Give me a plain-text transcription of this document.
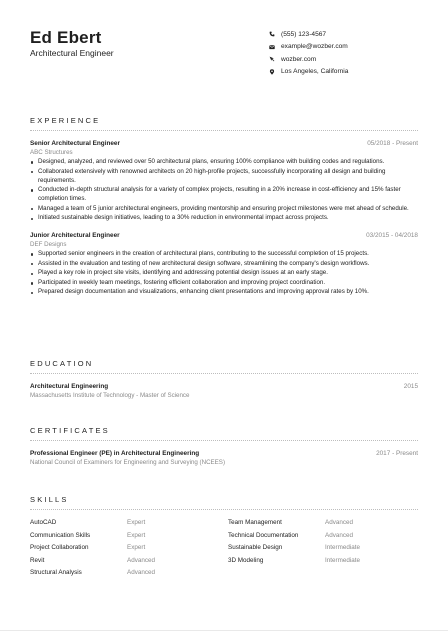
Ed Ebert
Architectural Engineer
(555) 123-4567
example@wozber.com
wozber.com
Los Angeles, California
EXPERIENCE
Senior Architectural Engineer	05/2018 - Present
ABC Structures
Designed, analyzed, and reviewed over 50 architectural plans, ensuring 100% compliance with building codes and regulations.
Collaborated extensively with renowned architects on 20 high-profile projects, successfully incorporating all design and building requirements.
Conducted in-depth structural analysis for a variety of complex projects, resulting in a 20% increase in cost-efficiency and 15% faster completion times.
Managed a team of 5 junior architectural engineers, providing mentorship and ensuring project milestones were met ahead of schedule.
Initiated sustainable design initiatives, leading to a 30% reduction in environmental impact across projects.
Junior Architectural Engineer	03/2015 - 04/2018
DEF Designs
Supported senior engineers in the creation of architectural plans, contributing to the successful completion of 15 projects.
Assisted in the evaluation and testing of new architectural design software, streamlining the company's design workflows.
Played a key role in project site visits, identifying and addressing potential design issues at an early stage.
Participated in weekly team meetings, fostering efficient collaboration and improving project coordination.
Prepared design documentation and visualizations, enhancing client presentations and improving approval rates by 10%.
EDUCATION
Architectural Engineering	2015
Massachusetts Institute of Technology - Master of Science
CERTIFICATES
Professional Engineer (PE) in Architectural Engineering	2017 - Present
National Council of Examiners for Engineering and Surveying (NCEES)
SKILLS
AutoCAD	Expert	Team Management	Advanced
Communication Skills	Expert	Technical Documentation	Advanced
Project Collaboration	Expert	Sustainable Design	Intermediate
Revit	Advanced	3D Modeling	Intermediate
Structural Analysis	Advanced
